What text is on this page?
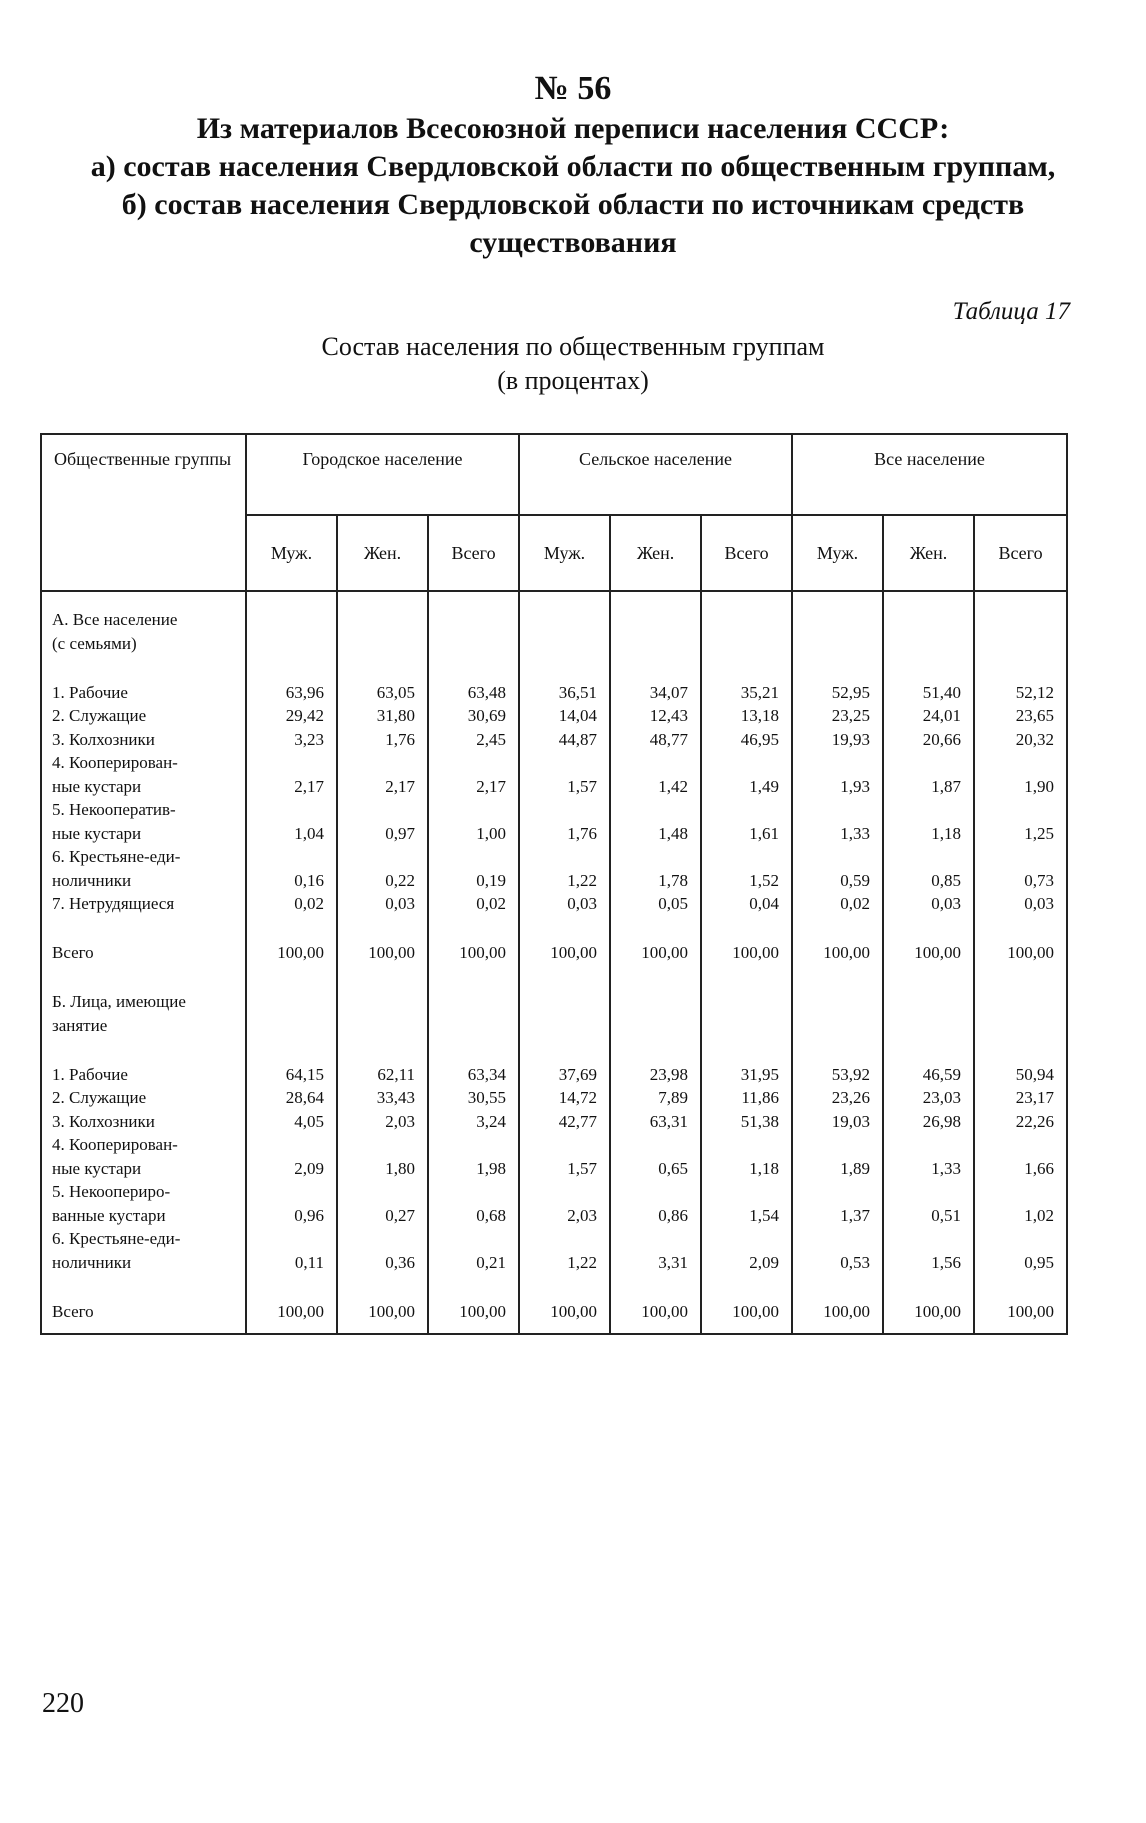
№ 56
Из материалов Всесоюзной переписи населения СССР:
а) состав населения Свердловской области по общественным группам,
б) состав населения Свердловской области по источникам средств
существования
Таблица 17
Состав населения по общественным группам
(в процентах)
Общественные группы	Городское население			Сельское население			Все население		
	Муж.	Жен.	Всего	Муж.	Жен.	Всего	Муж.	Жен.	Всего

А. Все население
(с семьями)									

1. Рабочие	63,96	63,05	63,48	36,51	34,07	35,21	52,95	51,40	52,12

2. Служащие	29,42	31,80	30,69	14,04	12,43	13,18	23,25	24,01	23,65

3. Колхозники	3,23	1,76	2,45	44,87	48,77	46,95	19,93	20,66	20,32

4. Кооперирован-
ные кустари	2,17	2,17	2,17	1,57	1,42	1,49	1,93	1,87	1,90

5. Некооператив-
ные кустари	1,04	0,97	1,00	1,76	1,48	1,61	1,33	1,18	1,25

6. Крестьяне-еди-
ноличники	0,16	0,22	0,19	1,22	1,78	1,52	0,59	0,85	0,73

7. Нетрудящиеся	0,02	0,03	0,02	0,03	0,05	0,04	0,02	0,03	0,03

Всего	100,00	100,00	100,00	100,00	100,00	100,00	100,00	100,00	100,00

Б. Лица, имеющие
занятие									

1. Рабочие	64,15	62,11	63,34	37,69	23,98	31,95	53,92	46,59	50,94

2. Служащие	28,64	33,43	30,55	14,72	7,89	11,86	23,26	23,03	23,17

3. Колхозники	4,05	2,03	3,24	42,77	63,31	51,38	19,03	26,98	22,26

4. Кооперирован-
ные кустари	2,09	1,80	1,98	1,57	0,65	1,18	1,89	1,33	1,66

5. Некоопериро-
ванные кустари	0,96	0,27	0,68	2,03	0,86	1,54	1,37	0,51	1,02

6. Крестьяне-еди-
ноличники	0,11	0,36	0,21	1,22	3,31	2,09	0,53	1,56	0,95

Всего	100,00	100,00	100,00	100,00	100,00	100,00	100,00	100,00	100,00

220
